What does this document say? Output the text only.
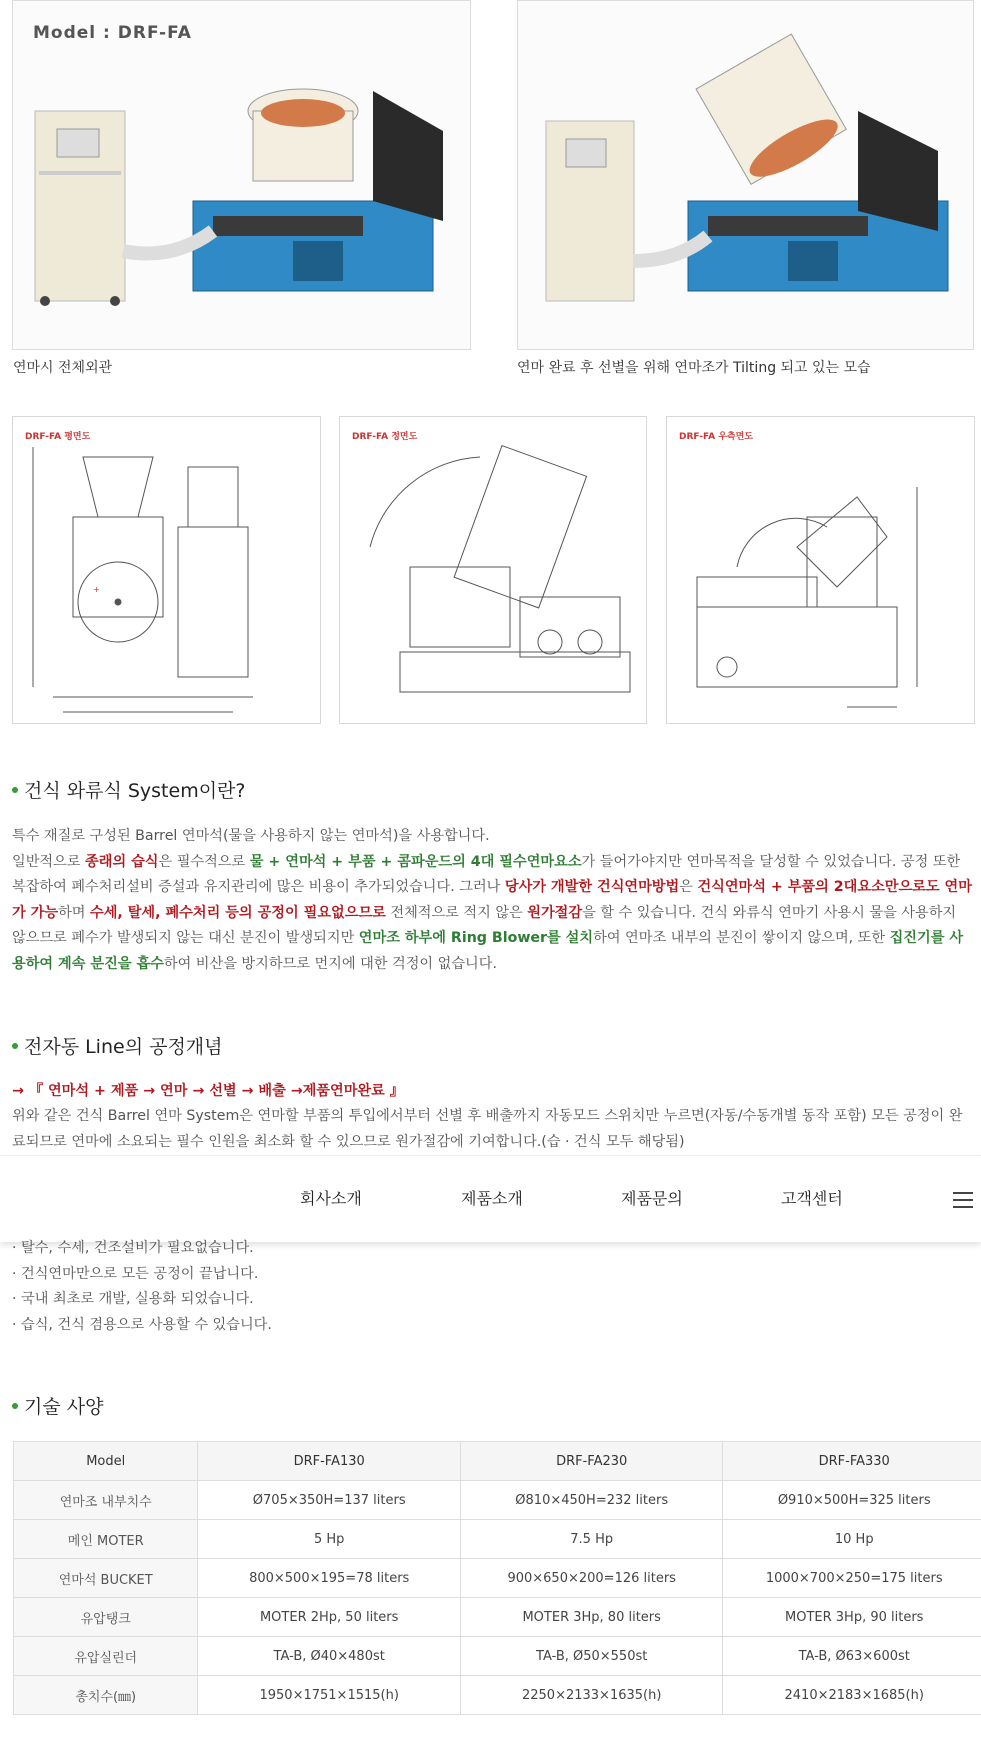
Model : DRF-FA
연마시 전체외관	연마 완료 후 선별을 위해 연마조가 Tilting 되고 있는 모습
DRF-FA 평면도
+
DRF-FA 정면도	DRF-FA 우측면도
건식 와류식 System이란?
특수 재질로 구성된 Barrel 연마석(물을 사용하지 않는 연마석)을 사용합니다.
일반적으로 종래의 습식은 필수적으로 물 + 연마석 + 부품 + 콤파운드의 4대 필수연마요소가 들어가야지만 연마목적을 달성할 수 있었습니다. 공정 또한 복잡하여 폐수처리설비 증설과 유지관리에 많은 비용이 추가되었습니다. 그러나 당사가 개발한 건식연마방법은 건식연마석 + 부품의 2대요소만으로도 연마가 가능하며 수세, 탈세, 폐수처리 등의 공정이 필요없으므로 전체적으로 적지 않은 원가절감을 할 수 있습니다. 건식 와류식 연마기 사용시 물을 사용하지 않으므로 폐수가 발생되지 않는 대신 분진이 발생되지만 연마조 하부에 Ring Blower를 설치하여 연마조 내부의 분진이 쌓이지 않으며, 또한 집진기를 사용하여 계속 분진을 흡수하여 비산을 방지하므로 먼지에 대한 걱정이 없습니다.
전자동 Line의 공정개념
→ 『 연마석 + 제품 → 연마 → 선별 → 배출 →제품연마완료 』
위와 같은 건식 Barrel 연마 System은 연마할 부품의 투입에서부터 선별 후 배출까지 자동모드 스위치만 누르면(자동/수동개별 동작 포함) 모든 공정이 완료되므로 연마에 소요되는 필수 인원을 최소화 할 수 있으므로 원가절감에 기여합니다.(습 · 건식 모두 해당됨)
회사소개	제품소개	제품문의	고객센터
· 탈수, 수세, 건조설비가 필요없습니다.
· 건식연마만으로 모든 공정이 끝납니다.
· 국내 최초로 개발, 실용화 되었습니다.
· 습식, 건식 겸용으로 사용할 수 있습니다.
기술 사양
Model	DRF-FA130	DRF-FA230	DRF-FA330
연마조 내부치수	Ø705×350H=137 liters	Ø810×450H=232 liters	Ø910×500H=325 liters
메인 MOTER	5 Hp	7.5 Hp	10 Hp
연마석 BUCKET	800×500×195=78 liters	900×650×200=126 liters	1000×700×250=175 liters
유압탱크	MOTER 2Hp, 50 liters	MOTER 3Hp, 80 liters	MOTER 3Hp, 90 liters
유압실린더	TA-B, Ø40×480st	TA-B, Ø50×550st	TA-B, Ø63×600st
총치수(㎜)	1950×1751×1515(h)	2250×2133×1635(h)	2410×2183×1685(h)
